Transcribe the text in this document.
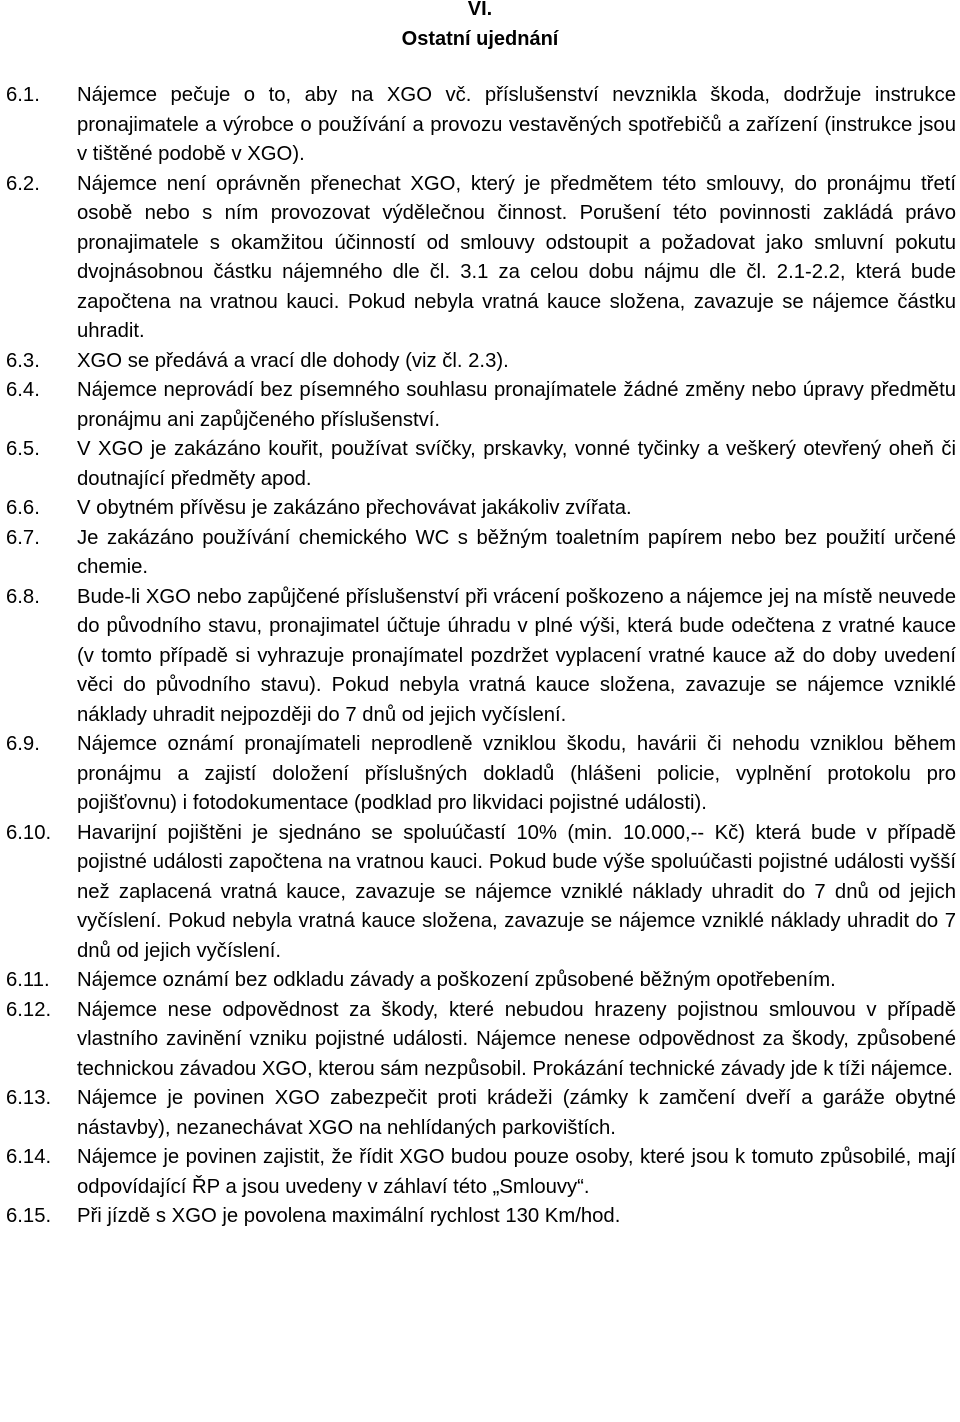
VI.

Ostatní ujednání

6.1.	Nájemce pečuje o to, aby na XGO vč. příslušenství nevznikla škoda, dodržuje instrukce pronajimatele a výrobce o používání a provozu vestavěných spotřebičů a zařízení (instrukce jsou v tištěné podobě v XGO).
6.2.	Nájemce není oprávněn přenechat XGO, který je předmětem této smlouvy, do pronájmu třetí osobě nebo s ním provozovat výdělečnou činnost. Porušení této povinnosti zakládá právo pronajimatele s okamžitou účinností od smlouvy odstoupit a požadovat jako smluvní pokutu dvojnásobnou částku nájemného dle čl. 3.1 za celou dobu nájmu dle čl. 2.1-2.2, která bude započtena na vratnou kauci. Pokud nebyla vratná kauce složena, zavazuje se nájemce částku uhradit.
6.3.	XGO se předává a vrací dle dohody (viz čl. 2.3).
6.4.	Nájemce neprovádí bez písemného souhlasu pronajímatele žádné změny nebo úpravy předmětu pronájmu ani zapůjčeného příslušenství.
6.5.	V XGO je zakázáno kouřit, používat svíčky, prskavky, vonné tyčinky a veškerý otevřený oheň či doutnající předměty apod.
6.6.	V obytném přívěsu je zakázáno přechovávat jakákoliv zvířata.
6.7.	Je zakázáno používání chemického WC s běžným toaletním papírem nebo bez použití určené chemie.
6.8.	Bude-li XGO nebo zapůjčené příslušenství při vrácení poškozeno a nájemce jej na místě neuvede do původního stavu, pronajimatel účtuje úhradu v plné výši, která bude odečtena z vratné kauce (v tomto případě si vyhrazuje pronajímatel pozdržet vyplacení vratné kauce až do doby uvedení věci do původního stavu). Pokud nebyla vratná kauce složena, zavazuje se nájemce vzniklé náklady uhradit nejpozději do 7 dnů od jejich vyčíslení.
6.9.	Nájemce oznámí pronajímateli neprodleně vzniklou škodu, havárii či nehodu vzniklou během pronájmu a zajistí doložení příslušných dokladů (hlášeni policie, vyplnění protokolu pro pojišťovnu) i fotodokumentace (podklad pro likvidaci pojistné události).
6.10.	Havarijní pojištěni je sjednáno se spoluúčastí 10% (min. 10.000,-- Kč) která bude v případě pojistné události započtena na vratnou kauci. Pokud bude výše spoluúčasti pojistné události vyšší než zaplacená vratná kauce, zavazuje se nájemce vzniklé náklady uhradit do 7 dnů od jejich vyčíslení. Pokud nebyla vratná kauce složena, zavazuje se nájemce vzniklé náklady uhradit do 7 dnů od jejich vyčíslení.
6.11.	Nájemce oznámí bez odkladu závady a poškození způsobené běžným opotřebením.
6.12.	Nájemce nese odpovědnost za škody, které nebudou hrazeny pojistnou smlouvou v případě vlastního zavinění vzniku pojistné události. Nájemce nenese odpovědnost za škody, způsobené technickou závadou XGO, kterou sám nezpůsobil. Prokázání technické závady jde k tíži nájemce.
6.13.	Nájemce je povinen XGO zabezpečit proti krádeži (zámky k zamčení dveří a garáže obytné nástavby), nezanechávat XGO na nehlídaných parkovištích.
6.14.	Nájemce je povinen zajistit, že řídit XGO budou pouze osoby, které jsou k tomuto způsobilé, mají odpovídající ŘP a jsou uvedeny v záhlaví této „Smlouvy“.
6.15.	Při jízdě s XGO je povolena maximální rychlost 130 Km/hod.
